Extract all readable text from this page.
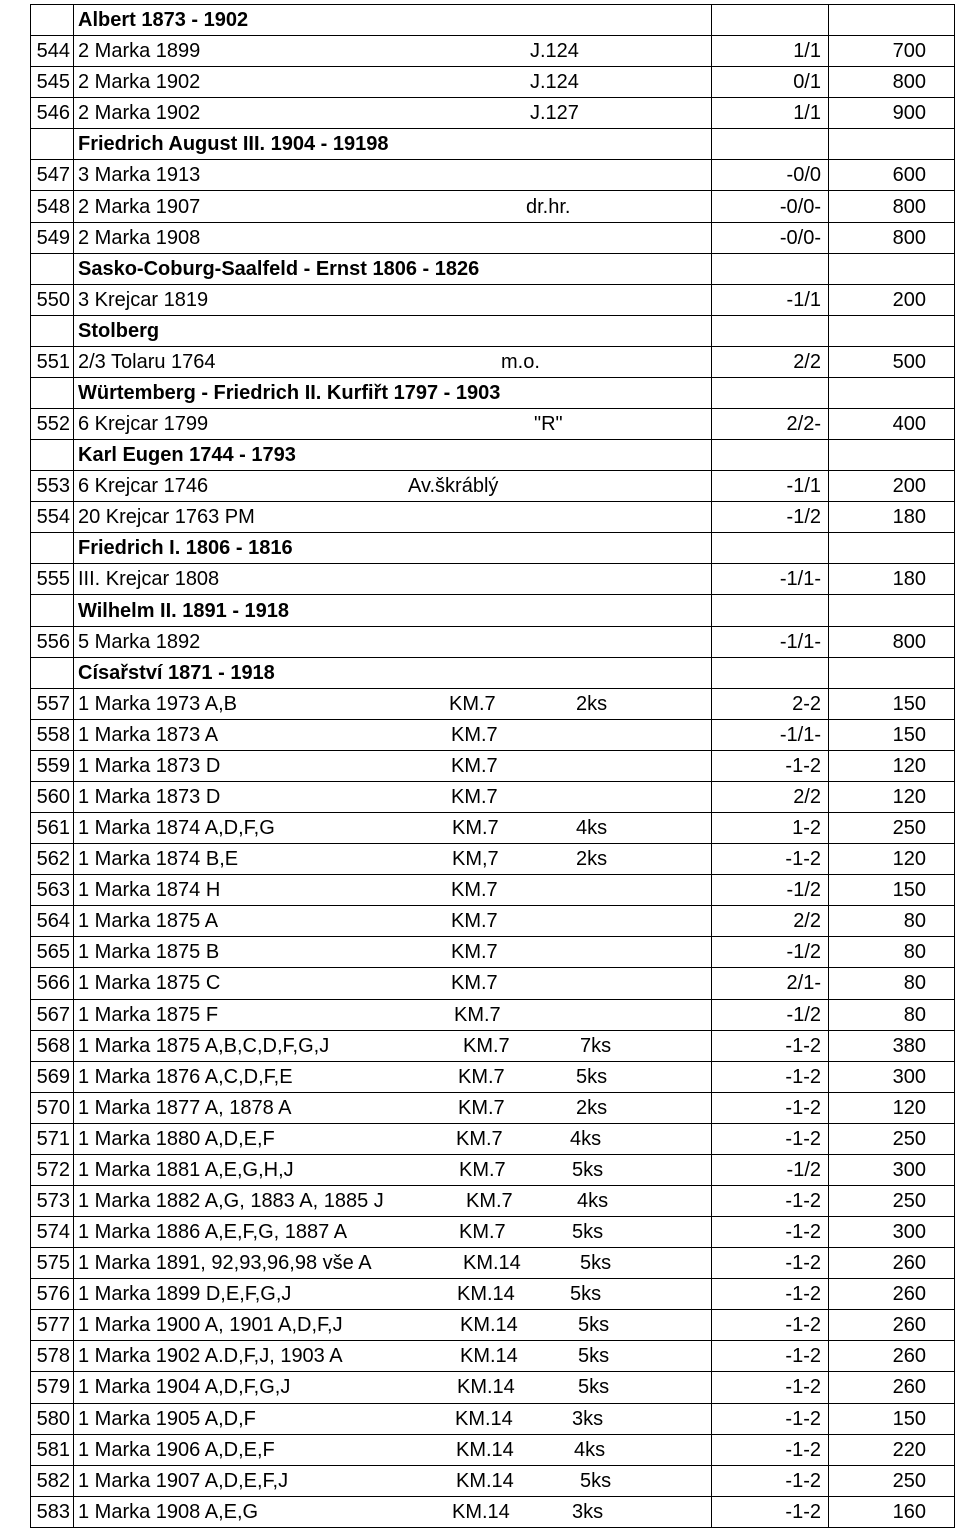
	Albert 1873 - 1902		

544	2 Marka 1899 J.124	1/1	700
545	2 Marka 1902 J.124	0/1	800
546	2 Marka 1902 J.127	1/1	900

	Friedrich August III. 1904 - 19198		

547	3 Marka 1913	-0/0	600
548	2 Marka 1907 dr.hr.	-0/0-	800
549	2 Marka 1908	-0/0-	800

	Sasko-Coburg-Saalfeld - Ernst 1806 - 1826		

550	3 Krejcar 1819	-1/1	200

	Stolberg		

551	2/3 Tolaru 1764 m.o.	2/2	500

	Würtemberg - Friedrich II. Kurfiřt 1797 - 1903		

552	6 Krejcar 1799 "R"	2/2-	400

	Karl Eugen 1744 - 1793		

553	6 Krejcar 1746 Av.škráblý	-1/1	200
554	20 Krejcar 1763 PM	-1/2	180

	Friedrich I. 1806 - 1816		

555	III. Krejcar 1808	-1/1-	180

	Wilhelm II. 1891 - 1918		

556	5 Marka 1892	-1/1-	800

	Císařství 1871 - 1918		

557	1 Marka 1973 A,B KM.7 2ks	2-2	150
558	1 Marka 1873 A KM.7	-1/1-	150
559	1 Marka 1873 D KM.7	-1-2	120
560	1 Marka 1873 D KM.7	2/2	120
561	1 Marka 1874 A,D,F,G KM.7 4ks	1-2	250
562	1 Marka 1874 B,E KM,7 2ks	-1-2	120
563	1 Marka 1874 H KM.7	-1/2	150
564	1 Marka 1875 A KM.7	2/2	80
565	1 Marka 1875 B KM.7	-1/2	80
566	1 Marka 1875 C KM.7	2/1-	80
567	1 Marka 1875 F KM.7	-1/2	80
568	1 Marka 1875 A,B,C,D,F,G,J KM.7 7ks	-1-2	380
569	1 Marka 1876 A,C,D,F,E KM.7 5ks	-1-2	300
570	1 Marka 1877 A, 1878 A KM.7 2ks	-1-2	120
571	1 Marka 1880 A,D,E,F KM.7 4ks	-1-2	250
572	1 Marka 1881 A,E,G,H,J KM.7 5ks	-1/2	300
573	1 Marka 1882 A,G, 1883 A, 1885 J KM.7 4ks	-1-2	250
574	1 Marka 1886 A,E,F,G, 1887 A KM.7 5ks	-1-2	300
575	1 Marka 1891, 92,93,96,98 vše A KM.14 5ks	-1-2	260
576	1 Marka 1899 D,E,F,G,J KM.14 5ks	-1-2	260
577	1 Marka 1900 A, 1901 A,D,F,J KM.14 5ks	-1-2	260
578	1 Marka 1902 A.D,F,J, 1903 A KM.14 5ks	-1-2	260
579	1 Marka 1904 A,D,F,G,J KM.14 5ks	-1-2	260
580	1 Marka 1905 A,D,F KM.14 3ks	-1-2	150
581	1 Marka 1906 A,D,E,F KM.14 4ks	-1-2	220
582	1 Marka 1907 A,D,E,F,J KM.14 5ks	-1-2	250
583	1 Marka 1908 A,E,G KM.14 3ks	-1-2	160
